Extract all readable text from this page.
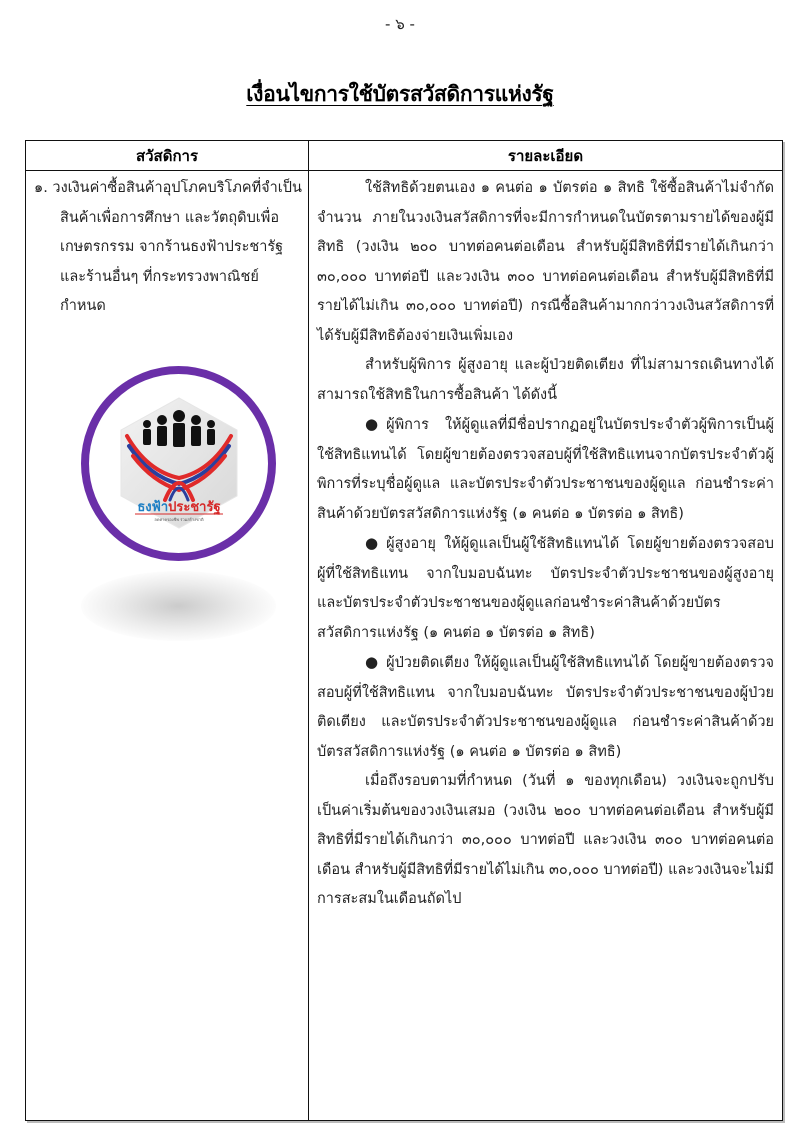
- ๖ -
เงื่อนไขการใช้บัตรสวัสดิการแห่งรัฐ
สวัสดิการ	รายละเอียด

๑. วงเงินค่าซื้อสินค้าอุปโภคบริโภคที่จำเป็น สินค้าเพื่อการศึกษา และวัตถุดิบเพื่อเกษตรกรรม จากร้านธงฟ้าประชารัฐ และร้านอื่นๆ ที่กระทรวงพาณิชย์กำหนด

ธงฟ้าประชารัฐ
ลดค่าครองชีพ ร่วมสร้างชาติ

ใช้สิทธิด้วยตนเอง ๑ คนต่อ ๑ บัตรต่อ ๑ สิทธิ ใช้ซื้อสินค้าไม่จำกัดจำนวน ภายในวงเงินสวัสดิการที่จะมีการกำหนดในบัตรตามรายได้ของผู้มีสิทธิ (วงเงิน ๒๐๐ บาทต่อคนต่อเดือน สำหรับผู้มีสิทธิที่มีรายได้เกินกว่า ๓๐,๐๐๐ บาทต่อปี และวงเงิน ๓๐๐ บาทต่อคนต่อเดือน สำหรับผู้มีสิทธิที่มีรายได้ไม่เกิน ๓๐,๐๐๐ บาทต่อปี) กรณีซื้อสินค้ามากกว่าวงเงินสวัสดิการที่ได้รับผู้มีสิทธิต้องจ่ายเงินเพิ่มเอง

สำหรับผู้พิการ ผู้สูงอายุ และผู้ป่วยติดเตียง ที่ไม่สามารถเดินทางได้ สามารถใช้สิทธิในการซื้อสินค้า ได้ดังนี้

● ผู้พิการ ให้ผู้ดูแลที่มีชื่อปรากฏอยู่ในบัตรประจำตัวผู้พิการเป็นผู้ใช้สิทธิแทนได้ โดยผู้ขายต้องตรวจสอบผู้ที่ใช้สิทธิแทนจากบัตรประจำตัวผู้พิการที่ระบุชื่อผู้ดูแล และบัตรประจำตัวประชาชนของผู้ดูแล ก่อนชำระค่าสินค้าด้วยบัตรสวัสดิการแห่งรัฐ (๑ คนต่อ ๑ บัตรต่อ ๑ สิทธิ)

● ผู้สูงอายุ ให้ผู้ดูแลเป็นผู้ใช้สิทธิแทนได้ โดยผู้ขายต้องตรวจสอบผู้ที่ใช้สิทธิแทน จากใบมอบฉันทะ บัตรประจำตัวประชาชนของผู้สูงอายุ และบัตรประจำตัวประชาชนของผู้ดูแลก่อนชำระค่าสินค้าด้วยบัตรสวัสดิการแห่งรัฐ (๑ คนต่อ ๑ บัตรต่อ ๑ สิทธิ)

● ผู้ป่วยติดเตียง ให้ผู้ดูแลเป็นผู้ใช้สิทธิแทนได้ โดยผู้ขายต้องตรวจสอบผู้ที่ใช้สิทธิแทน จากใบมอบฉันทะ บัตรประจำตัวประชาชนของผู้ป่วยติดเตียง และบัตรประจำตัวประชาชนของผู้ดูแล ก่อนชำระค่าสินค้าด้วยบัตรสวัสดิการแห่งรัฐ (๑ คนต่อ ๑ บัตรต่อ ๑ สิทธิ)

เมื่อถึงรอบตามที่กำหนด (วันที่ ๑ ของทุกเดือน) วงเงินจะถูกปรับเป็นค่าเริ่มต้นของวงเงินเสมอ (วงเงิน ๒๐๐ บาทต่อคนต่อเดือน สำหรับผู้มีสิทธิที่มีรายได้เกินกว่า ๓๐,๐๐๐ บาทต่อปี และวงเงิน ๓๐๐ บาทต่อคนต่อเดือน สำหรับผู้มีสิทธิที่มีรายได้ไม่เกิน ๓๐,๐๐๐ บาทต่อปี) และวงเงินจะไม่มีการสะสมในเดือนถัดไป
